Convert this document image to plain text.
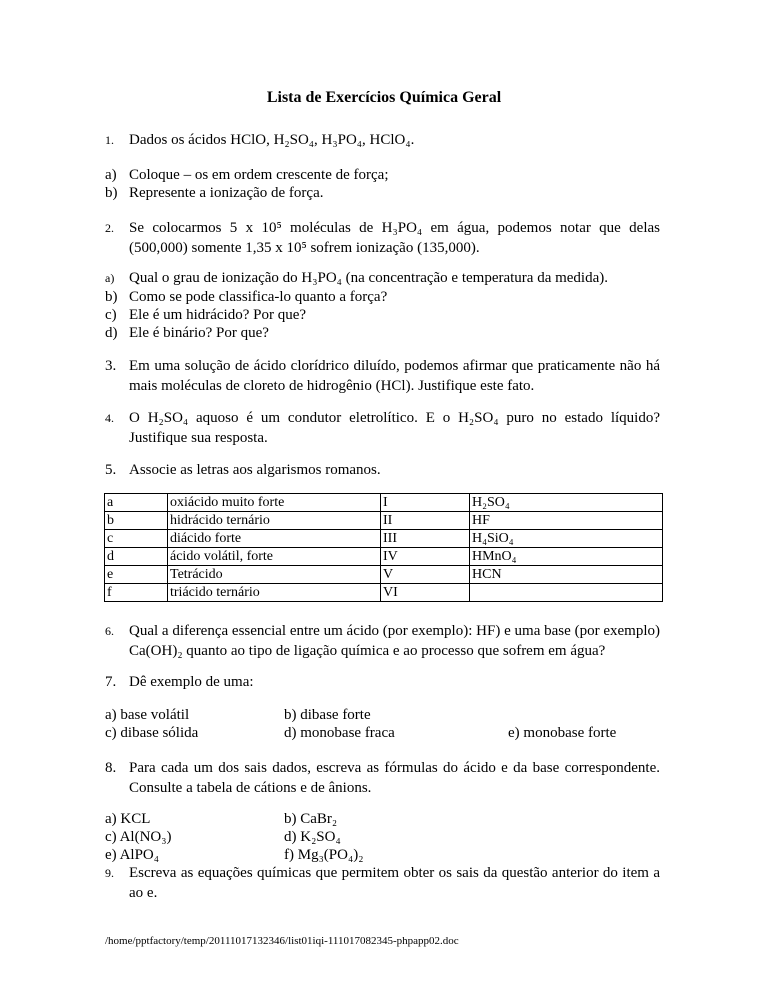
Lista de Exercícios Química Geral
1.	Dados os ácidos HClO, H₂SO₄, H₃PO₄, HClO₄.
a) Coloque – os em ordem crescente de força;
b) Represente a ionização de força.
2.	Se colocarmos 5 x 10⁵ moléculas de H₃PO₄ em água, podemos notar que delas (500,000) somente 1,35 x 10⁵ sofrem ionização (135,000).
a) Qual o grau de ionização do H₃PO₄ (na concentração e temperatura da medida).
b) Como se pode classifica-lo quanto a força?
c) Ele é um hidrácido? Por que?
d) Ele é binário? Por que?
3. Em uma solução de ácido clorídrico diluído, podemos afirmar que praticamente não há mais moléculas de cloreto de hidrogênio (HCl). Justifique este fato.
4.	O H₂SO₄ aquoso é um condutor eletrolítico. E o H₂SO₄ puro no estado líquido? Justifique sua resposta.
5. Associe as letras aos algarismos romanos.
a	oxiácido muito forte	I	H₂SO₄
b	hidrácido ternário	II	HF
c	diácido forte	III	H₄SiO₄
d	ácido volátil, forte	IV	HMnO₄
e	Tetrácido	V	HCN
f	triácido ternário	VI	
6.	Qual a diferença essencial entre um ácido (por exemplo): HF) e uma base (por exemplo) Ca(OH)₂ quanto ao tipo de ligação química e ao processo que sofrem em água?
7. Dê exemplo de uma:
a) base volátil	b) dibase forte
c) dibase sólida	d) monobase fraca	e) monobase forte
8. Para cada um dos sais dados, escreva as fórmulas do ácido e da base correspondente. Consulte a tabela de cátions e de ânions.
a) KCL	b) CaBr₂
c) Al(NO₃)	d) K₂SO₄
e) AlPO₄	f) Mg₃(PO₄)₂
9.	Escreva as equações químicas que permitem obter os sais da questão anterior do item a ao e.
/home/pptfactory/temp/20111017132346/list01iqi-111017082345-phpapp02.doc
